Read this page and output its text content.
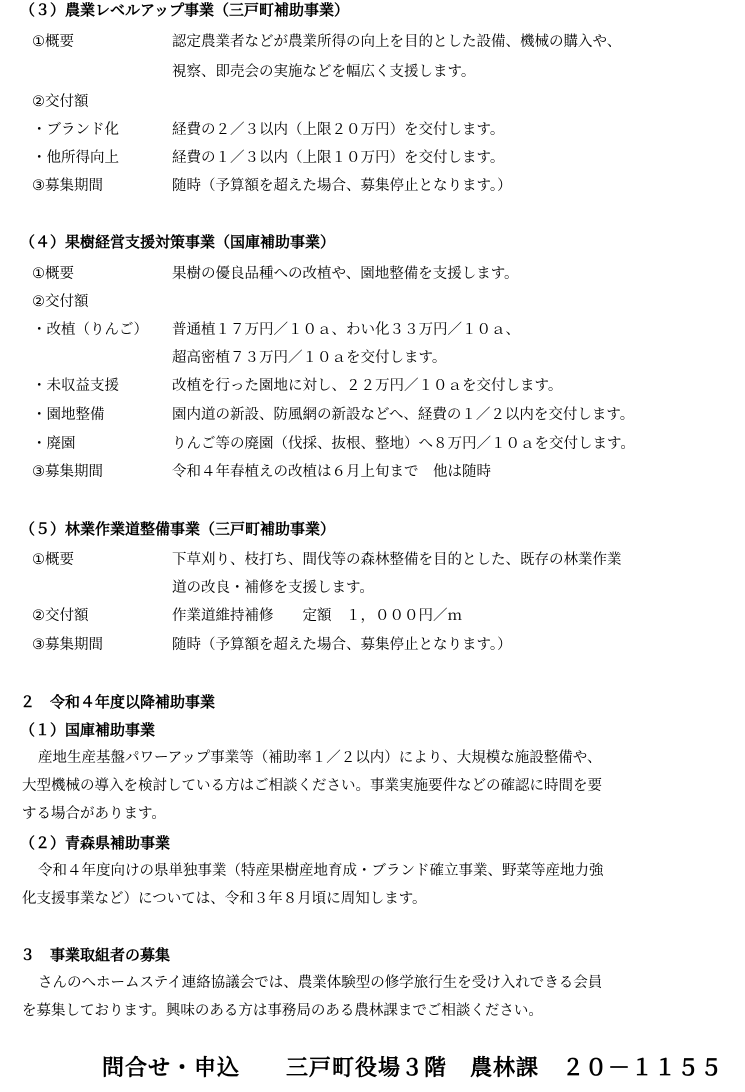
（３）農業レベルアップ事業（三戸町補助事業）
①概要	認定農業者などが農業所得の向上を目的とした設備、機械の購入や、
視察、即売会の実施などを幅広く支援します。
②交付額
・ブランド化	経費の２／３以内（上限２０万円）を交付します。
・他所得向上	経費の１／３以内（上限１０万円）を交付します。
③募集期間	随時（予算額を超えた場合、募集停止となります。）
（４）果樹経営支援対策事業（国庫補助事業）
①概要	果樹の優良品種への改植や、園地整備を支援します。
②交付額
・改植（りんご） 普通植１７万円／１０ａ、わい化３３万円／１０ａ、
超高密植７３万円／１０ａを交付します。
・未収益支援	改植を行った園地に対し、２２万円／１０ａを交付します。
・園地整備	園内道の新設、防風網の新設などへ、経費の１／２以内を交付します。
・廃園	りんご等の廃園（伐採、抜根、整地）へ８万円／１０ａを交付します。
③募集期間	令和４年春植えの改植は６月上旬まで　他は随時
（５）林業作業道整備事業（三戸町補助事業）
①概要	下草刈り、枝打ち、間伐等の森林整備を目的とした、既存の林業作業
道の改良・補修を支援します。
②交付額	作業道維持補修　　定額　１，０００円／ｍ
③募集期間	随時（予算額を超えた場合、募集停止となります。）
２　令和４年度以降補助事業
（１）国庫補助事業
産地生産基盤パワーアップ事業等（補助率１／２以内）により、大規模な施設整備や、
大型機械の導入を検討している方はご相談ください。事業実施要件などの確認に時間を要
する場合があります。
（２）青森県補助事業
令和４年度向けの県単独事業（特産果樹産地育成・ブランド確立事業、野菜等産地力強
化支援事業など）については、令和３年８月頃に周知します。
３　事業取組者の募集
さんのへホームステイ連絡協議会では、農業体験型の修学旅行生を受け入れできる会員
を募集しております。興味のある方は事務局のある農林課までご相談ください。
問合せ・申込 三戸町役場３階　農林課 ２０－１１５５
